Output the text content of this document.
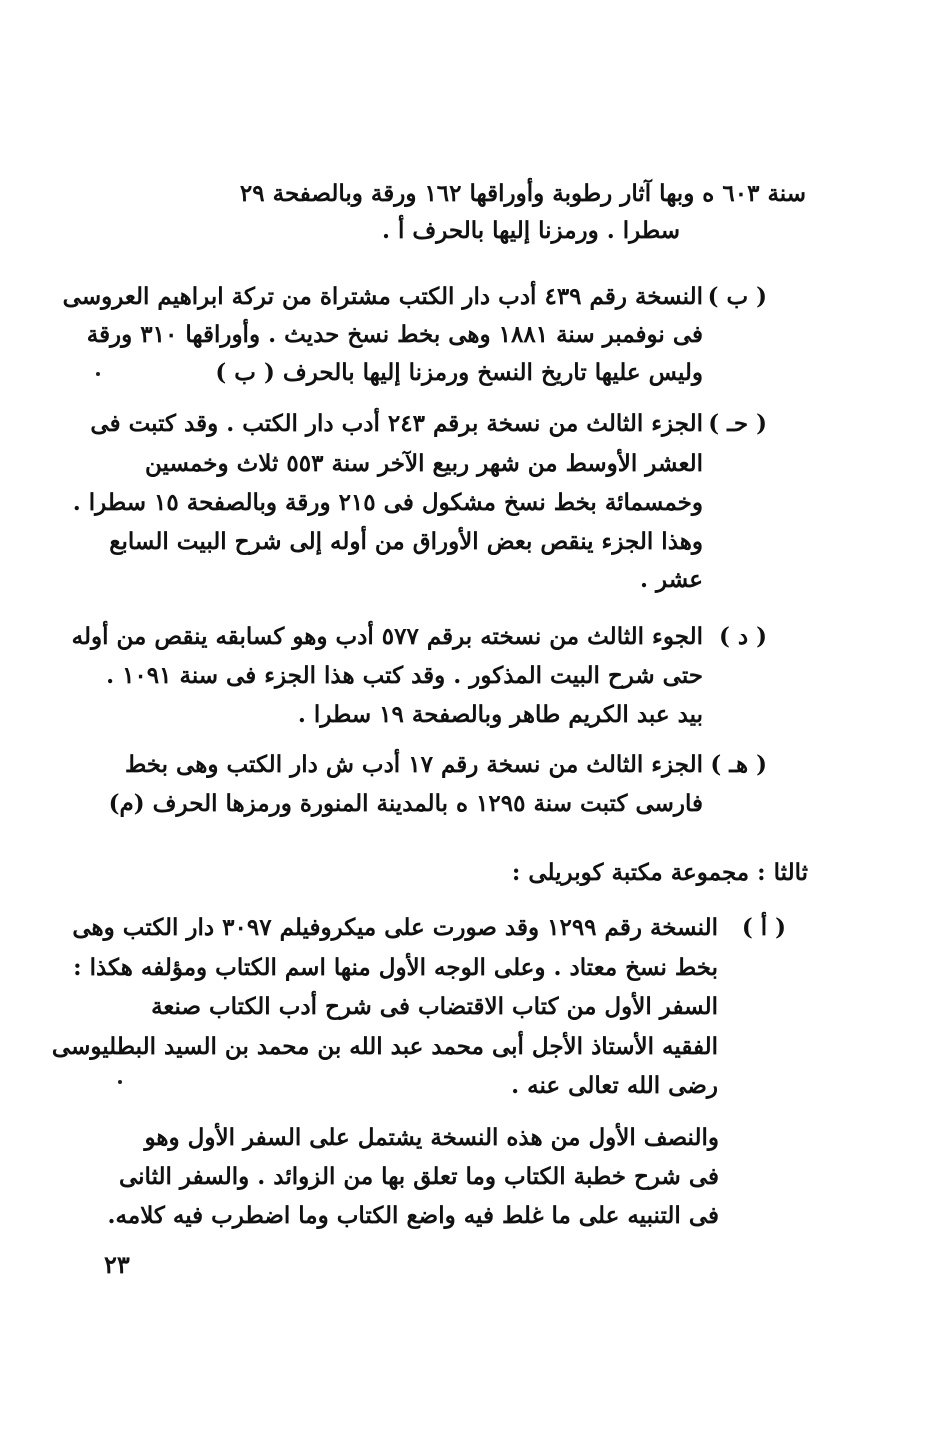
سنة ٦٠٣ ه وبها آثار رطوبة وأوراقها ١٦٢ ورقة وبالصفحة ٢٩
سطرا . ورمزنا إليها بالحرف أ .
( ب )
النسخة رقم ٤٣٩ أدب دار الكتب مشتراة من تركة ابراهيم العروسى
فى نوفمبر سنة ١٨٨١ وهى بخط نسخ حديث . وأوراقها ٣١٠ ورقة
وليس عليها تاريخ النسخ ورمزنا إليها بالحرف ( ب )
( حـ )
الجزء الثالث من نسخة برقم ٢٤٣ أدب دار الكتب . وقد كتبت فى
العشر الأوسط من شهر ربيع الآخر سنة ٥٥٣ ثلاث وخمسين
وخمسمائة بخط نسخ مشكول فى ٢١٥ ورقة وبالصفحة ١٥ سطرا .
وهذا الجزء ينقص بعض الأوراق من أوله إلى شرح البيت السابع
عشر .
( د )
الجوء الثالث من نسخته برقم ٥٧٧ أدب وهو كسابقه ينقص من أوله
حتى شرح البيت المذكور . وقد كتب هذا الجزء فى سنة ١٠٩١ .
بيد عبد الكريم طاهر وبالصفحة ١٩ سطرا .
( هـ )
الجزء الثالث من نسخة رقم ١٧ أدب ش دار الكتب وهى بخط
فارسى كتبت سنة ١٢٩٥ ه بالمدينة المنورة ورمزها الحرف (م)
ثالثا : مجموعة مكتبة كوبريلى :
( أ )
النسخة رقم ١٢٩٩ وقد صورت على ميكروفيلم ٣٠٩٧ دار الكتب وهى
بخط نسخ معتاد . وعلى الوجه الأول منها اسم الكتاب ومؤلفه هكذا :
السفر الأول من كتاب الاقتضاب فى شرح أدب الكتاب صنعة
الفقيه الأستاذ الأجل أبى محمد عبد الله بن محمد بن السيد البطليوسى
رضى الله تعالى عنه .
والنصف الأول من هذه النسخة يشتمل على السفر الأول وهو
فى شرح خطبة الكتاب وما تعلق بها من الزوائد . والسفر الثانى
فى التنبيه على ما غلط فيه واضع الكتاب وما اضطرب فيه كلامه.
٢٣
